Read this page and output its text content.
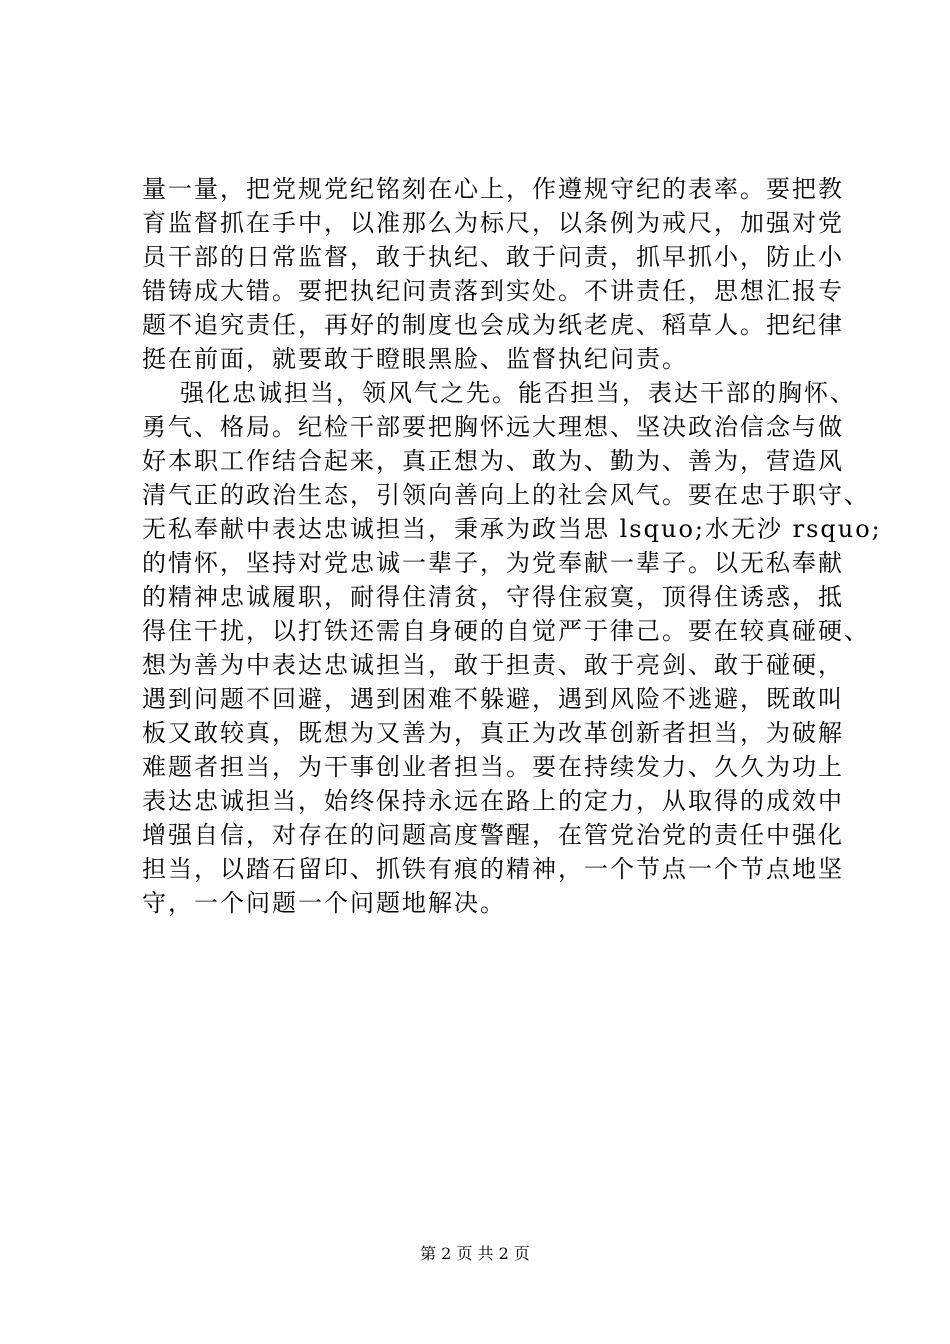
量一量，把党规党纪铭刻在心上，作遵规守纪的表率。要把教
育监督抓在手中，以准那么为标尺，以条例为戒尺，加强对党
员干部的日常监督，敢于执纪、敢于问责，抓早抓小，防止小
错铸成大错。要把执纪问责落到实处。不讲责任，思想汇报专
题不追究责任，再好的制度也会成为纸老虎、稻草人。把纪律
挺在前面，就要敢于瞪眼黑脸、监督执纪问责。
强化忠诚担当，领风气之先。能否担当，表达干部的胸怀、
勇气、格局。纪检干部要把胸怀远大理想、坚决政治信念与做
好本职工作结合起来，真正想为、敢为、勤为、善为，营造风
清气正的政治生态，引领向善向上的社会风气。要在忠于职守、
无私奉献中表达忠诚担当，秉承为政当思 lsquo;水无沙 rsquo;
的情怀，坚持对党忠诚一辈子，为党奉献一辈子。以无私奉献
的精神忠诚履职，耐得住清贫，守得住寂寞，顶得住诱惑，抵
得住干扰，以打铁还需自身硬的自觉严于律己。要在较真碰硬、
想为善为中表达忠诚担当，敢于担责、敢于亮剑、敢于碰硬，
遇到问题不回避，遇到困难不躲避，遇到风险不逃避，既敢叫
板又敢较真，既想为又善为，真正为改革创新者担当，为破解
难题者担当，为干事创业者担当。要在持续发力、久久为功上
表达忠诚担当，始终保持永远在路上的定力，从取得的成效中
增强自信，对存在的问题高度警醒，在管党治党的责任中强化
担当，以踏石留印、抓铁有痕的精神，一个节点一个节点地坚
守，一个问题一个问题地解决。
第 2 页 共 2 页
